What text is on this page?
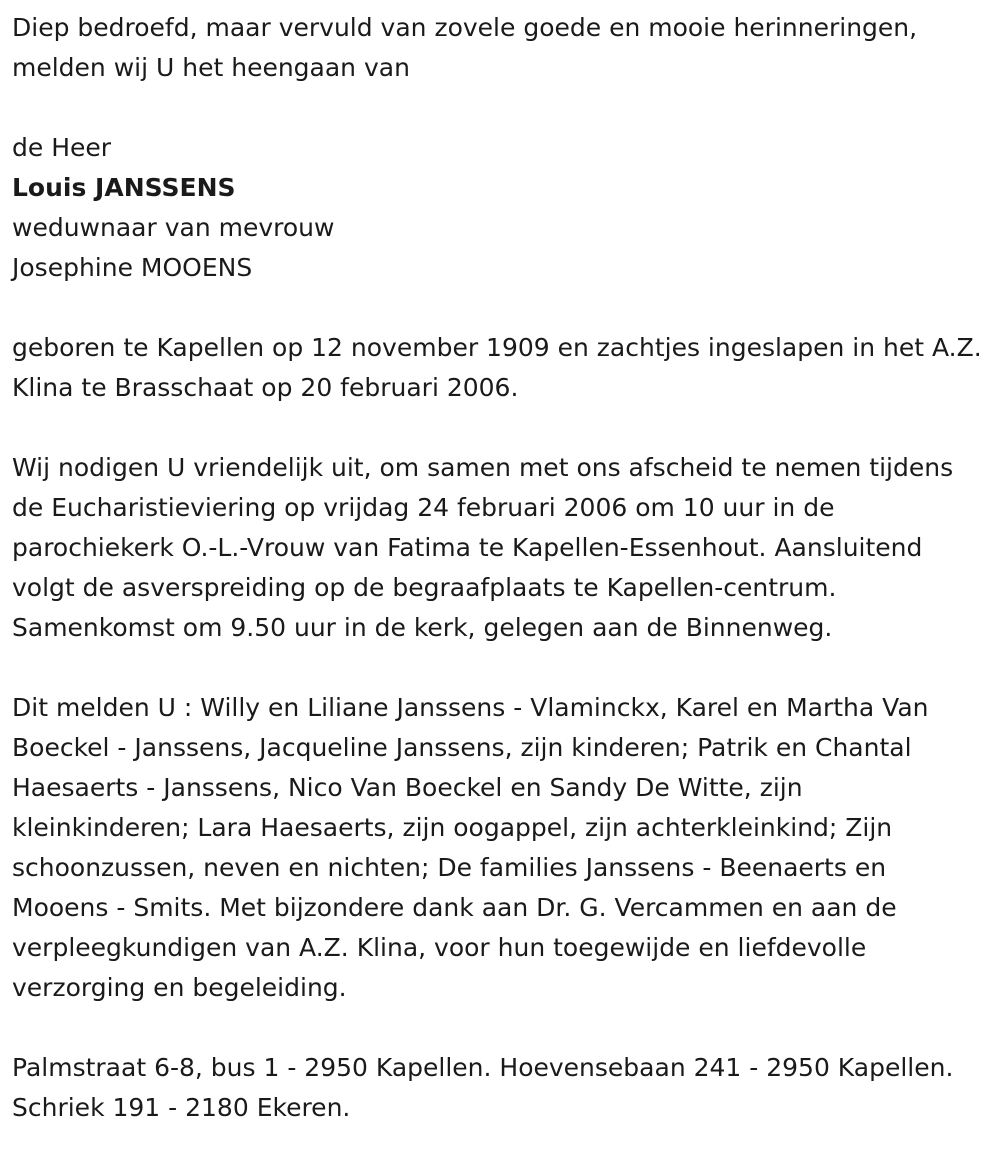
Diep bedroefd, maar vervuld van zovele goede en mooie herinneringen, melden wij U het heengaan van

de Heer

Louis JANSSENS

weduwnaar van mevrouw

Josephine MOOENS

geboren te Kapellen op 12 november 1909 en zachtjes ingeslapen in het A.Z. Klina te Brasschaat op 20 februari 2006.

Wij nodigen U vriendelijk uit, om samen met ons afscheid te nemen tijdens de Eucharistieviering op vrijdag 24 februari 2006 om 10 uur in de parochiekerk O.-L.-Vrouw van Fatima te Kapellen-Essenhout. Aansluitend volgt de asverspreiding op de begraafplaats te Kapellen-centrum. Samenkomst om 9.50 uur in de kerk, gelegen aan de Binnenweg.

Dit melden U : Willy en Liliane Janssens - Vlaminckx, Karel en Martha Van Boeckel - Janssens, Jacqueline Janssens, zijn kinderen; Patrik en Chantal Haesaerts - Janssens, Nico Van Boeckel en Sandy De Witte, zijn kleinkinderen; Lara Haesaerts, zijn oogappel, zijn achterkleinkind; Zijn schoonzussen, neven en nichten; De families Janssens - Beenaerts en Mooens - Smits. Met bijzondere dank aan Dr. G. Vercammen en aan de verpleegkundigen van A.Z. Klina, voor hun toegewijde en liefdevolle verzorging en begeleiding.

Palmstraat 6-8, bus 1 - 2950 Kapellen. Hoevensebaan 241 - 2950 Kapellen. Schriek 191 - 2180 Ekeren.
